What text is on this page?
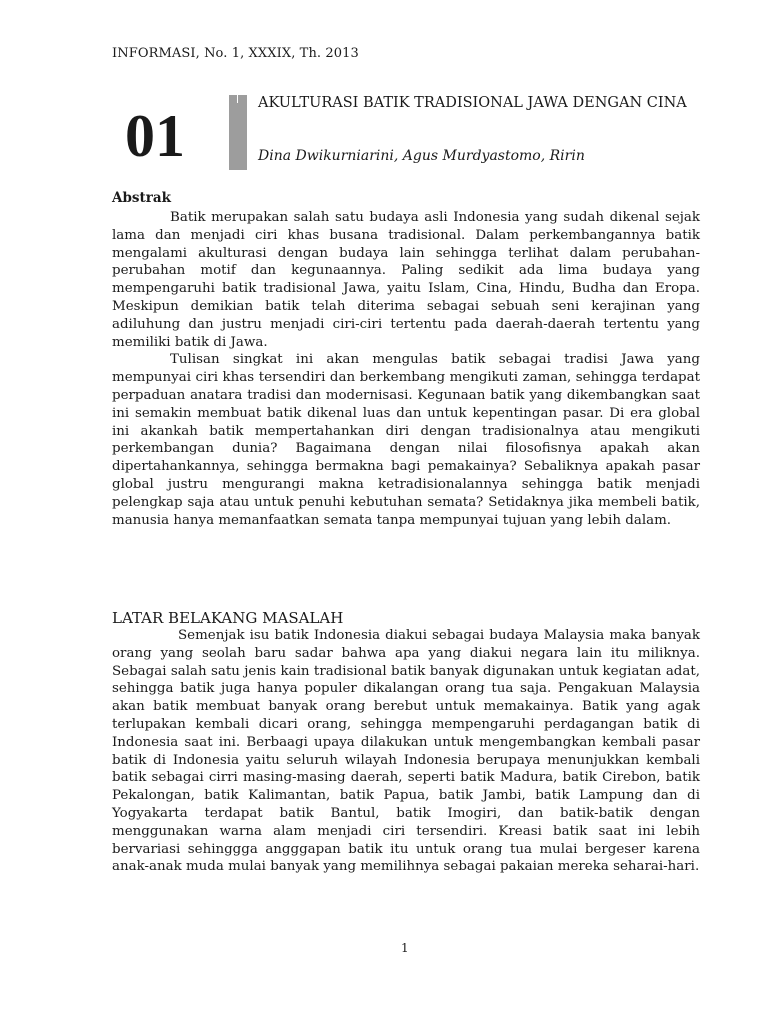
INFORMASI, No. 1, XXXIX, Th. 2013
01	AKULTURASI BATIK TRADISIONAL JAWA DENGAN CINA
Dina Dwikurniarini, Agus Murdyastomo, Ririn
Abstrak

Batik merupakan salah satu budaya asli Indonesia yang sudah dikenal sejak lama dan menjadi ciri khas busana tradisional. Dalam perkembangannya batik mengalami akulturasi dengan budaya lain sehingga terlihat dalam perubahan-perubahan motif dan kegunaannya. Paling sedikit ada lima budaya yang mempengaruhi batik tradisional Jawa, yaitu Islam, Cina, Hindu, Budha dan Eropa. Meskipun demikian batik telah diterima sebagai sebuah seni kerajinan yang adiluhung dan justru menjadi ciri-ciri tertentu pada daerah-daerah tertentu yang memiliki batik di Jawa.

Tulisan singkat ini akan mengulas batik sebagai tradisi Jawa yang mempunyai ciri khas tersendiri dan berkembang mengikuti zaman, sehingga terdapat perpaduan anatara tradisi dan modernisasi. Kegunaan batik yang dikembangkan saat ini semakin membuat batik dikenal luas dan untuk kepentingan pasar. Di era global ini akankah batik mempertahankan diri dengan tradisionalnya atau mengikuti perkembangan dunia? Bagaimana dengan nilai filosofisnya apakah akan dipertahankannya, sehingga bermakna bagi pemakainya? Sebaliknya apakah pasar global justru mengurangi makna ketradisionalannya sehingga batik menjadi pelengkap saja atau untuk penuhi kebutuhan semata? Setidaknya jika membeli batik, manusia hanya memanfaatkan semata tanpa mempunyai tujuan yang lebih dalam.

LATAR BELAKANG MASALAH

Semenjak isu batik Indonesia diakui sebagai budaya Malaysia maka banyak orang yang seolah baru sadar bahwa apa yang diakui negara lain itu miliknya. Sebagai salah satu jenis kain tradisional batik banyak digunakan untuk kegiatan adat, sehingga batik juga hanya populer dikalangan orang tua saja. Pengakuan Malaysia akan batik membuat banyak orang berebut untuk memakainya. Batik yang agak terlupakan kembali dicari orang, sehingga mempengaruhi perdagangan batik di Indonesia saat ini. Berbaagi upaya dilakukan untuk mengembangkan kembali pasar batik di Indonesia yaitu seluruh wilayah Indonesia berupaya menunjukkan kembali batik sebagai cirri masing-masing daerah, seperti batik Madura, batik Cirebon, batik Pekalongan, batik Kalimantan, batik Papua, batik Jambi, batik Lampung dan di Yogyakarta terdapat batik Bantul, batik Imogiri, dan batik-batik dengan menggunakan warna alam menjadi ciri tersendiri. Kreasi batik saat ini lebih bervariasi sehinggga angggapan batik itu untuk orang tua mulai bergeser karena anak-anak muda mulai banyak yang memilihnya sebagai pakaian mereka seharai-hari.

1
